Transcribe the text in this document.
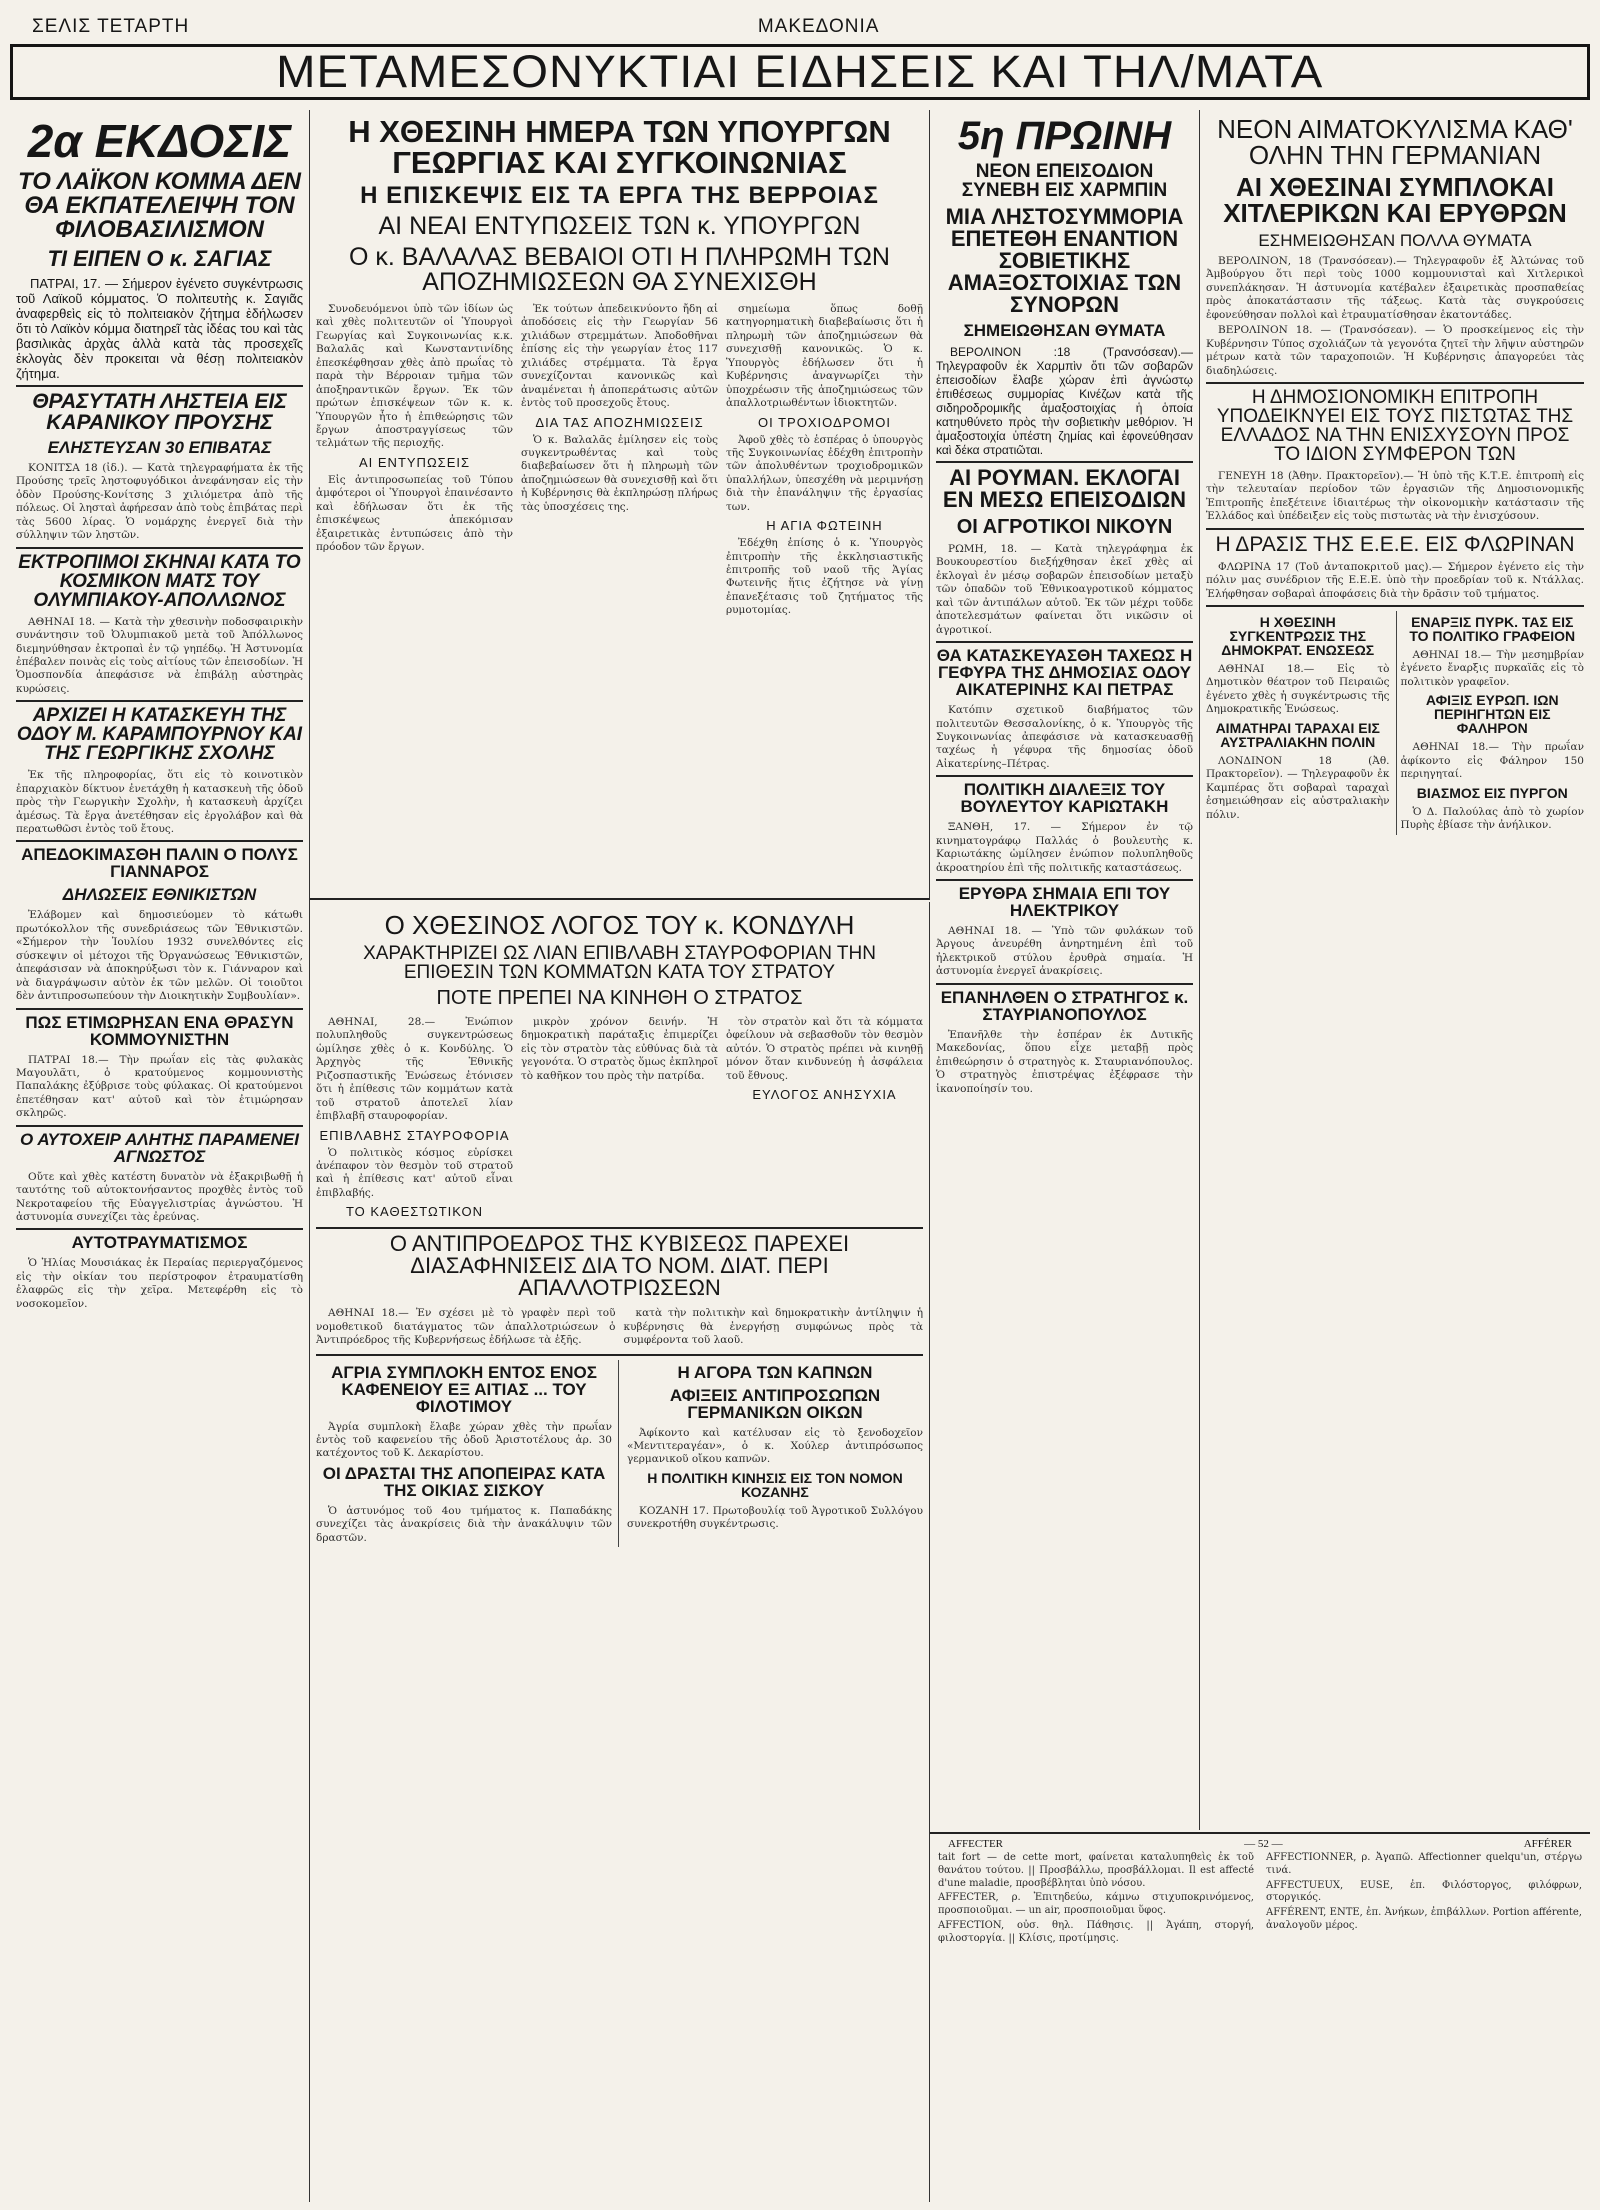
ΣΕΛΙΣ ΤΕΤΑΡΤΗ	ΜΑΚΕΔΟΝΙΑ
ΜΕΤΑΜΕΣΟΝΥΚΤΙΑΙ ΕΙΔΗΣΕΙΣ ΚΑΙ ΤΗΛ/ΜΑΤΑ
2α ΕΚΔΟΣΙΣ
ΤΟ ΛΑΪΚΟΝ ΚΟΜΜΑ ΔΕΝ ΘΑ ΕΚΠΑΤΕΛΕΙΨΗ ΤΟΝ ΦΙΛΟΒΑΣΙΛΙΣΜΟΝ
ΤΙ ΕΙΠΕΝ Ο κ. ΣΑΓΙΑΣ

ΠΑΤΡΑΙ, 17. — Σήμερον ἐγένετο συγκέντρωσις τοῦ Λαϊκοῦ κόμματος. Ὁ πολιτευτὴς κ. Σαγιᾶς ἀναφερθεὶς εἰς τὸ πολιτειακὸν ζήτημα ἐδήλωσεν ὅτι τὸ Λαϊκὸν κόμμα διατηρεῖ τὰς ἰδέας του καὶ τὰς βασιλικὰς ἀρχὰς ἀλλὰ κατὰ τὰς προσεχεῖς ἐκλογὰς δὲν προκειται νὰ θέσῃ πολιτειακὸν ζήτημα.

ΘΡΑΣΥΤΑΤΗ ΛΗΣΤΕΙΑ ΕΙΣ ΚΑΡΑΝΙΚΟΥ ΠΡΟΥΣΗΣ
ΕΛΗΣΤΕΥΣΑΝ 30 ΕΠΙΒΑΤΑΣ

ΚΟΝΙΤΣΑ 18 (ἰδ.). — Κατὰ τηλεγραφήματα ἐκ τῆς Προύσης τρεῖς ληστοφυγόδικοι ἀνεφάνησαν εἰς τὴν ὁδὸν Προύσης-Κονίτσης 3 χιλιόμετρα ἀπὸ τῆς πόλεως. Οἱ λησταὶ ἀφήρεσαν ἀπὸ τοὺς ἐπιβάτας περὶ τὰς 5600 λίρας. Ὁ νομάρχης ἐνεργεῖ διὰ τὴν σύλληψιν τῶν ληστῶν.

ΕΚΤΡΟΠΙΜΟΙ ΣΚΗΝΑΙ ΚΑΤΑ ΤΟ ΚΟΣΜΙΚΟΝ ΜΑΤΣ ΤΟΥ ΟΛΥΜΠΙΑΚΟΥ-ΑΠΟΛΛΩΝΟΣ

ΑΘΗΝΑΙ 18. — Κατὰ τὴν χθεσινὴν ποδοσφαιρικὴν συνάντησιν τοῦ Ὀλυμπιακοῦ μετὰ τοῦ Ἀπόλλωνος διεμηνύθησαν ἐκτροπαὶ ἐν τῷ γηπέδῳ. Ἡ Ἀστυνομία ἐπέβαλεν ποινὰς εἰς τοὺς αἰτίους τῶν ἐπεισοδίων. Ἡ Ὁμοσπονδία ἀπεφάσισε νὰ ἐπιβάλῃ αὐστηρὰς κυρώσεις.

ΑΡΧΙΖΕΙ Η ΚΑΤΑΣΚΕΥΗ ΤΗΣ ΟΔΟΥ Μ. ΚΑΡΑΜΠΟΥΡΝΟΥ ΚΑΙ ΤΗΣ ΓΕΩΡΓΙΚΗΣ ΣΧΟΛΗΣ

Ἐκ τῆς πληροφορίας, ὅτι εἰς τὸ κοινοτικὸν ἐπαρχιακὸν δίκτυον ἐνετάχθη ἡ κατασκευὴ τῆς ὁδοῦ πρὸς τὴν Γεωργικὴν Σχολὴν, ἡ κατασκευὴ ἀρχίζει ἀμέσως. Τὰ ἔργα ἀνετέθησαν εἰς ἐργολάβον καὶ θὰ περατωθῶσι ἐντὸς τοῦ ἔτους.

ΑΠΕΔΟΚΙΜΑΣΘΗ ΠΑΛΙΝ Ο ΠΟΛΥΣ ΓΙΑΝΝΑΡΟΣ
ΔΗΛΩΣΕΙΣ ΕΘΝΙΚΙΣΤΩΝ

Ἐλάβομεν καὶ δημοσιεύομεν τὸ κάτωθι πρωτόκολλον τῆς συνεδριάσεως τῶν Ἐθνικιστῶν. «Σήμερον τὴν Ἰουλίου 1932 συνελθόντες εἰς σύσκεψιν οἱ μέτοχοι τῆς Ὀργανώσεως Ἐθνικιστῶν, ἀπεφάσισαν νὰ ἀποκηρύξωσι τὸν κ. Γιάνναρον καὶ νὰ διαγράψωσιν αὐτὸν ἐκ τῶν μελῶν. Οἱ τοιοῦτοι δὲν ἀντιπροσωπεύουν τὴν Διοικητικὴν Συμβουλίαν».

ΠΩΣ ΕΤΙΜΩΡΗΣΑΝ ΕΝΑ ΘΡΑΣΥΝ ΚΟΜΜΟΥΝΙΣΤΗΝ

ΠΑΤΡΑΙ 18.— Τὴν πρωΐαν εἰς τὰς φυλακὰς Μαγουλᾶτι, ὁ κρατούμενος κομμουνιστὴς Παπαλάκης ἐξύβρισε τοὺς φύλακας. Οἱ κρατούμενοι ἐπετέθησαν κατ' αὐτοῦ καὶ τὸν ἐτιμώρησαν σκληρῶς.

Ο ΑΥΤΟΧΕΙΡ ΑΛΗΤΗΣ ΠΑΡΑΜΕΝΕΙ ΑΓΝΩΣΤΟΣ

Οὔτε καὶ χθὲς κατέστη δυνατὸν νὰ ἐξακριβωθῇ ἡ ταυτότης τοῦ αὐτοκτονήσαντος προχθὲς ἐντὸς τοῦ Νεκροταφείου τῆς Εὐαγγελιστρίας ἀγνώστου. Ἡ ἀστυνομία συνεχίζει τὰς ἐρεύνας.

ΑΥΤΟΤΡΑΥΜΑΤΙΣΜΟΣ

Ὁ Ἠλίας Μουσιάκας ἐκ Περαίας περιεργαζόμενος εἰς τὴν οἰκίαν του περίστροφον ἐτραυματίσθη ἐλαφρῶς εἰς τὴν χεῖρα. Μετεφέρθη εἰς τὸ νοσοκομεῖον.

Η ΧΘΕΣΙΝΗ ΗΜΕΡΑ ΤΩΝ ΥΠΟΥΡΓΩΝ ΓΕΩΡΓΙΑΣ ΚΑΙ ΣΥΓΚΟΙΝΩΝΙΑΣ
Η ΕΠΙΣΚΕΨΙΣ ΕΙΣ ΤΑ ΕΡΓΑ ΤΗΣ ΒΕΡΡΟΙΑΣ
ΑΙ ΝΕΑΙ ΕΝΤΥΠΩΣΕΙΣ ΤΩΝ κ. ΥΠΟΥΡΓΩΝ
Ο κ. ΒΑΛΑΛΑΣ ΒΕΒΑΙΟΙ ΟΤΙ Η ΠΛΗΡΩΜΗ ΤΩΝ ΑΠΟΖΗΜΙΩΣΕΩΝ ΘΑ ΣΥΝΕΧΙΣΘΗ

Συνοδευόμενοι ὑπὸ τῶν ἰδίων ὡς καὶ χθὲς πολιτευτῶν οἱ Ὑπουργοὶ Γεωργίας καὶ Συγκοινωνίας κ.κ. Βαλαλᾶς καὶ Κωνσταντινίδης ἐπεσκέφθησαν χθὲς ἀπὸ πρωΐας τὸ παρὰ τὴν Βέρροιαν τμῆμα τῶν ἀποξηραντικῶν ἔργων. Ἐκ τῶν πρώτων ἐπισκέψεων τῶν κ. κ. Ὑπουργῶν ἦτο ἡ ἐπιθεώρησις τῶν ἔργων ἀποστραγγίσεως τῶν τελμάτων τῆς περιοχῆς.

ΑΙ ΕΝΤΥΠΩΣΕΙΣ

Εἰς ἀντιπροσωπείας τοῦ Τύπου ἀμφότεροι οἱ Ὑπουργοὶ ἐπαινέσαντο καὶ ἐδήλωσαν ὅτι ἐκ τῆς ἐπισκέψεως ἀπεκόμισαν ἐξαιρετικὰς ἐντυπώσεις ἀπὸ τὴν πρόοδον τῶν ἔργων.

Ἐκ τούτων ἀπεδεικνύοντο ἤδη αἱ ἀποδόσεις εἰς τὴν Γεωργίαν 56 χιλιάδων στρεμμάτων. Ἀποδοθῆναι ἐπίσης εἰς τὴν γεωργίαν ἐτος 117 χιλιάδες στρέμματα. Τὰ ἔργα συνεχίζονται κανονικῶς καὶ ἀναμένεται ἡ ἀποπεράτωσις αὐτῶν ἐντὸς τοῦ προσεχοῦς ἔτους.

ΔΙΑ ΤΑΣ ΑΠΟΖΗΜΙΩΣΕΙΣ

Ὁ κ. Βαλαλᾶς ἐμίλησεν εἰς τοὺς συγκεντρωθέντας καὶ τοὺς διαβεβαίωσεν ὅτι ἡ πληρωμὴ τῶν ἀποζημιώσεων θὰ συνεχισθῇ καὶ ὅτι ἡ Κυβέρνησις θὰ ἐκπληρώσῃ πλήρως τὰς ὑποσχέσεις της.

σημείωμα ὅπως δοθῇ κατηγορηματικὴ διαβεβαίωσις ὅτι ἡ πληρωμὴ τῶν ἀποζημιώσεων θὰ συνεχισθῇ κανονικῶς. Ὁ κ. Ὑπουργὸς ἐδήλωσεν ὅτι ἡ Κυβέρνησις ἀναγνωρίζει τὴν ὑποχρέωσιν τῆς ἀποζημιώσεως τῶν ἀπαλλοτριωθέντων ἰδιοκτητῶν.

ΟΙ ΤΡΟΧΙΟΔΡΟΜΟΙ

Ἀφοῦ χθὲς τὸ ἑσπέρας ὁ ὑπουργὸς τῆς Συγκοινωνίας ἐδέχθη ἐπιτροπὴν τῶν ἀπολυθέντων τροχιοδρομικῶν ὑπαλλήλων, ὑπεσχέθη νὰ μεριμνήσῃ διὰ τὴν ἐπανάληψιν τῆς ἐργασίας των.

Η ΑΓΙΑ ΦΩΤΕΙΝΗ

Ἐδέχθη ἐπίσης ὁ κ. Ὑπουργὸς ἐπιτροπὴν τῆς ἐκκλησιαστικῆς ἐπιτροπῆς τοῦ ναοῦ τῆς Ἁγίας Φωτεινῆς ἥτις ἐζήτησε νὰ γίνῃ ἐπανεξέτασις τοῦ ζητήματος τῆς ρυμοτομίας.

5η ΠΡΩΙΝΗ
ΝΕΟΝ ΕΠΕΙΣΟΔΙΟΝ ΣΥΝΕΒΗ ΕΙΣ ΧΑΡΜΠΙΝ
ΜΙΑ ΛΗΣΤΟΣΥΜΜΟΡΙΑ ΕΠΕΤΕΘΗ ΕΝΑΝΤΙΟΝ ΣΟΒΙΕΤΙΚΗΣ ΑΜΑΞΟΣΤΟΙΧΙΑΣ ΤΩΝ ΣΥΝΟΡΩΝ
ΣΗΜΕΙΩΘΗΣΑΝ ΘΥΜΑΤΑ

ΒΕΡΟΛΙΝΟΝ :18 (Τρανσόσεαν).— Τηλεγραφοῦν ἐκ Χαρμπὶν ὅτι τῶν σοβαρῶν ἐπεισοδίων ἔλαβε χώραν ἐπὶ ἀγνώστῳ ἐπιθέσεως συμμορίας Κινέζων κατὰ τῆς σιδηροδρομικῆς ἀμαξοστοιχίας ἡ ὁποία κατηυθύνετο πρὸς τὴν σοβιετικὴν μεθόριον. Ἡ ἁμαξοστοιχία ὑπέστη ζημίας καὶ ἐφονεύθησαν καὶ δέκα στρατιῶται.

ΑΙ ΡΟΥΜΑΝ. ΕΚΛΟΓΑΙ ΕΝ ΜΕΣΩ ΕΠΕΙΣΟΔΙΩΝ
ΟΙ ΑΓΡΟΤΙΚΟΙ ΝΙΚΟΥΝ

ΡΩΜΗ, 18. — Κατὰ τηλεγράφημα ἐκ Βουκουρεστίου διεξήχθησαν ἐκεῖ χθὲς αἱ ἐκλογαὶ ἐν μέσῳ σοβαρῶν ἐπεισοδίων μεταξὺ τῶν ὀπαδῶν τοῦ Ἐθνικοαγροτικοῦ κόμματος καὶ τῶν ἀντιπάλων αὐτοῦ. Ἐκ τῶν μέχρι τοῦδε ἀποτελεσμάτων φαίνεται ὅτι νικῶσιν οἱ ἀγροτικοί.

ΘΑ ΚΑΤΑΣΚΕΥΑΣΘΗ ΤΑΧΕΩΣ Η ΓΕΦΥΡΑ ΤΗΣ ΔΗΜΟΣΙΑΣ ΟΔΟΥ ΑΙΚΑΤΕΡΙΝΗΣ ΚΑΙ ΠΕΤΡΑΣ

Κατόπιν σχετικοῦ διαβήματος τῶν πολιτευτῶν Θεσσαλονίκης, ὁ κ. Ὑπουργὸς τῆς Συγκοινωνίας ἀπεφάσισε νὰ κατασκευασθῇ ταχέως ἡ γέφυρα τῆς δημοσίας ὁδοῦ Αἰκατερίνης–Πέτρας.

ΠΟΛΙΤΙΚΗ ΔΙΑΛΕΞΙΣ ΤΟΥ ΒΟΥΛΕΥΤΟΥ ΚΑΡΙΩΤΑΚΗ

ΞΑΝΘΗ, 17. — Σήμερον ἐν τῷ κινηματογράφῳ Παλλάς ὁ βουλευτὴς κ. Καριωτάκης ὡμίλησεν ἐνώπιον πολυπληθοῦς ἀκροατηρίου ἐπὶ τῆς πολιτικῆς καταστάσεως.

ΕΡΥΘΡΑ ΣΗΜΑΙΑ ΕΠΙ ΤΟΥ ΗΛΕΚΤΡΙΚΟΥ

ΑΘΗΝΑΙ 18. — Ὑπὸ τῶν φυλάκων τοῦ Ἀργους ἀνευρέθη ἀνηρτημένη ἐπὶ τοῦ ἠλεκτρικοῦ στύλου ἐρυθρὰ σημαία. Ἡ ἀστυνομία ἐνεργεῖ ἀνακρίσεις.

ΕΠΑΝΗΛΘΕΝ Ο ΣΤΡΑΤΗΓΟΣ κ. ΣΤΑΥΡΙΑΝΟΠΟΥΛΟΣ

Ἐπανῆλθε τὴν ἑσπέραν ἐκ Δυτικῆς Μακεδονίας, ὅπου εἶχε μεταβῇ πρὸς ἐπιθεώρησιν ὁ στρατηγὸς κ. Σταυριανόπουλος. Ὁ στρατηγὸς ἐπιστρέψας ἐξέφρασε τὴν ἱκανοποίησίν του.

ΝΕΟΝ ΑΙΜΑΤΟΚΥΛΙΣΜΑ ΚΑΘ' ΟΛΗΝ ΤΗΝ ΓΕΡΜΑΝΙΑΝ
ΑΙ ΧΘΕΣΙΝΑΙ ΣΥΜΠΛΟΚΑΙ ΧΙΤΛΕΡΙΚΩΝ ΚΑΙ ΕΡΥΘΡΩΝ
ΕΣΗΜΕΙΩΘΗΣΑΝ ΠΟΛΛΑ ΘΥΜΑΤΑ

ΒΕΡΟΛΙΝΟΝ, 18 (Τρανσόσεαν).— Τηλεγραφοῦν ἐξ Ἀλτώνας τοῦ Ἀμβούργου ὅτι περὶ τοὺς 1000 κομμουνισταὶ καὶ Χιτλερικοὶ συνεπλάκησαν. Ἡ ἀστυνομία κατέβαλεν ἐξαιρετικὰς προσπαθείας πρὸς ἀποκατάστασιν τῆς τάξεως. Κατὰ τὰς συγκρούσεις ἐφονεύθησαν πολλοὶ καὶ ἐτραυματίσθησαν ἑκατοντάδες.

ΒΕΡΟΛΙΝΟΝ 18. — (Τρανσόσεαν). — Ὁ προσκείμενος εἰς τὴν Κυβέρνησιν Τύπος σχολιάζων τὰ γεγονότα ζητεῖ τὴν λῆψιν αὐστηρῶν μέτρων κατὰ τῶν ταραχοποιῶν. Ἡ Κυβέρνησις ἀπαγορεύει τὰς διαδηλώσεις.

Η ΔΗΜΟΣΙΟΝΟΜΙΚΗ ΕΠΙΤΡΟΠΗ ΥΠΟΔΕΙΚΝΥΕΙ ΕΙΣ ΤΟΥΣ ΠΙΣΤΩΤΑΣ ΤΗΣ ΕΛΛΑΔΟΣ ΝΑ ΤΗΝ ΕΝΙΣΧΥΣΟΥΝ ΠΡΟΣ ΤΟ ΙΔΙΟΝ ΣΥΜΦΕΡΟΝ ΤΩΝ

ΓΕΝΕΥΗ 18 (Ἀθην. Πρακτορεῖον).— Ἡ ὑπὸ τῆς Κ.Τ.Ε. ἐπιτροπὴ εἰς τὴν τελευταίαν περίοδον τῶν ἐργασιῶν τῆς Δημοσιονομικῆς Ἐπιτροπῆς ἐπεξέτεινε ἰδιαιτέρως τὴν οἰκονομικὴν κατάστασιν τῆς Ἑλλάδος καὶ ὑπέδειξεν εἰς τοὺς πιστωτὰς νὰ τὴν ἐνισχύσουν.

Η ΔΡΑΣΙΣ ΤΗΣ Ε.Ε.Ε. ΕΙΣ ΦΛΩΡΙΝΑΝ

ΦΛΩΡΙΝΑ 17 (Τοῦ ἀνταποκριτοῦ μας).— Σήμερον ἐγένετο εἰς τὴν πόλιν μας συνέδριον τῆς Ε.Ε.Ε. ὑπὸ τὴν προεδρίαν τοῦ κ. Ντάλλας. Ἐλήφθησαν σοβαραὶ ἀποφάσεις διὰ τὴν δρᾶσιν τοῦ τμήματος.

Η ΧΘΕΣΙΝΗ ΣΥΓΚΕΝΤΡΩΣΙΣ ΤΗΣ ΔΗΜΟΚΡΑΤ. ΕΝΩΣΕΩΣ

ΑΘΗΝΑΙ 18.— Εἰς τὸ Δημοτικὸν θέατρον τοῦ Πειραιῶς ἐγένετο χθὲς ἡ συγκέντρωσις τῆς Δημοκρατικῆς Ἑνώσεως.

ΑΙΜΑΤΗΡΑΙ ΤΑΡΑΧΑΙ ΕΙΣ ΑΥΣΤΡΑΛΙΑΚΗΝ ΠΟΛΙΝ

ΛΟΝΔΙΝΟΝ 18 (Ἀθ. Πρακτορεῖον). — Τηλεγραφοῦν ἐκ Καμπέρας ὅτι σοβαραὶ ταραχαὶ ἐσημειώθησαν εἰς αὐστραλιακὴν πόλιν.

ΕΝΑΡΞΙΣ ΠΥΡΚ. ΤΑΣ ΕΙΣ ΤΟ ΠΟΛΙΤΙΚΟ ΓΡΑΦΕΙΟΝ

ΑΘΗΝΑΙ 18.— Τὴν μεσημβρίαν ἐγένετο ἔναρξις πυρκαϊᾶς εἰς τὸ πολιτικὸν γραφεῖον.

ΑΦΙΞΙΣ ΕΥΡΩΠ. ΙΩΝ ΠΕΡΙΗΓΗΤΩΝ ΕΙΣ ΦΑΛΗΡΟΝ

ΑΘΗΝΑΙ 18.— Τὴν πρωΐαν ἀφίκοντο εἰς Φάληρον 150 περιηγηταί.

ΒΙΑΣΜΟΣ ΕΙΣ ΠΥΡΓΟΝ

Ὁ Δ. Παλούλας ἀπὸ τὸ χωρίον Πυρὴς ἐβίασε τὴν ἀνήλικον.

Ο ΧΘΕΣΙΝΟΣ ΛΟΓΟΣ ΤΟΥ κ. ΚΟΝΔΥΛΗ
ΧΑΡΑΚΤΗΡΙΖΕΙ ΩΣ ΛΙΑΝ ΕΠΙΒΛΑΒΗ ΣΤΑΥΡΟΦΟΡΙΑΝ ΤΗΝ ΕΠΙΘΕΣΙΝ ΤΩΝ ΚΟΜΜΑΤΩΝ ΚΑΤΑ ΤΟΥ ΣΤΡΑΤΟΥ
ΠΟΤΕ ΠΡΕΠΕΙ ΝΑ ΚΙΝΗΘΗ Ο ΣΤΡΑΤΟΣ

ΑΘΗΝΑΙ, 28.— Ἐνώπιον πολυπληθοῦς συγκεντρώσεως ὡμίλησε χθὲς ὁ κ. Κονδύλης. Ὁ Ἀρχηγὸς τῆς Ἐθνικῆς Ριζοσπαστικῆς Ἑνώσεως ἐτόνισεν ὅτι ἡ ἐπίθεσις τῶν κομμάτων κατὰ τοῦ στρατοῦ ἀποτελεῖ λίαν ἐπιβλαβῆ σταυροφορίαν.

ΕΠΙΒΛΑΒΗΣ ΣΤΑΥΡΟΦΟΡΙΑ

Ὁ πολιτικὸς κόσμος εὑρίσκει ἀνέπαφον τὸν θεσμὸν τοῦ στρατοῦ καὶ ἡ ἐπίθεσις κατ' αὐτοῦ εἶναι ἐπιβλαβής.

ΤΟ ΚΑΘΕΣΤΩΤΙΚΟΝ

μικρὸν χρόνον δεινήν. Ἡ δημοκρατικὴ παράταξις ἐπιμερίζει εἰς τὸν στρατὸν τὰς εὐθύνας διὰ τὰ γεγονότα. Ὁ στρατὸς ὅμως ἐκπληροῖ τὸ καθῆκον του πρὸς τὴν πατρίδα.

τὸν στρατὸν καὶ ὅτι τὰ κόμματα ὀφείλουν νὰ σεβασθοῦν τὸν θεσμὸν αὐτόν. Ὁ στρατὸς πρέπει νὰ κινηθῇ μόνον ὅταν κινδυνεύῃ ἡ ἀσφάλεια τοῦ ἔθνους.

ΕΥΛΟΓΟΣ ΑΝΗΣΥΧΙΑ
Ο ΑΝΤΙΠΡΟΕΔΡΟΣ ΤΗΣ ΚΥΒΙΣΕΩΣ ΠΑΡΕΧΕΙ ΔΙΑΣΑΦΗΝΙΣΕΙΣ ΔΙΑ ΤΟ ΝΟΜ. ΔΙΑΤ. ΠΕΡΙ ΑΠΑΛΛΟΤΡΙΩΣΕΩΝ

ΑΘΗΝΑΙ 18.— Ἐν σχέσει μὲ τὸ γραφὲν περὶ τοῦ νομοθετικοῦ διατάγματος τῶν ἀπαλλοτριώσεων ὁ Ἀντιπρόεδρος τῆς Κυβερνήσεως ἐδήλωσε τὰ ἑξῆς.

κατὰ τὴν πολιτικὴν καὶ δημοκρατικὴν ἀντίληψιν ἡ κυβέρνησις θὰ ἐνεργήσῃ συμφώνως πρὸς τὰ συμφέροντα τοῦ λαοῦ.

ΑΓΡΙΑ ΣΥΜΠΛΟΚΗ ΕΝΤΟΣ ΕΝΟΣ ΚΑΦΕΝΕΙΟΥ ΕΞ ΑΙΤΙΑΣ ... ΤΟΥ ΦΙΛΟΤΙΜΟΥ

Ἀγρία συμπλοκὴ ἔλαβε χώραν χθὲς τὴν πρωΐαν ἐντὸς τοῦ καφενείου τῆς ὁδοῦ Ἀριστοτέλους ἀρ. 30 κατέχοντος τοῦ Κ. Δεκαρίστου.

ΟΙ ΔΡΑΣΤΑΙ ΤΗΣ ΑΠΟΠΕΙΡΑΣ ΚΑΤΑ ΤΗΣ ΟΙΚΙΑΣ ΣΙΣΚΟΥ

Ὁ ἀστυνόμος τοῦ 4ου τμήματος κ. Παπαδάκης συνεχίζει τὰς ἀνακρίσεις διὰ τὴν ἀνακάλυψιν τῶν δραστῶν.

Η ΑΓΟΡΑ ΤΩΝ ΚΑΠΝΩΝ
ΑΦΙΞΕΙΣ ΑΝΤΙΠΡΟΣΩΠΩΝ ΓΕΡΜΑΝΙΚΩΝ ΟΙΚΩΝ

Ἀφίκοντο καὶ κατέλυσαν εἰς τὸ ξενοδοχεῖον «Μεντιτεραγέαν», ὁ κ. Χούλερ ἀντιπρόσωπος γερμανικοῦ οἴκου καπνῶν.

Η ΠΟΛΙΤΙΚΗ ΚΙΝΗΣΙΣ ΕΙΣ ΤΟΝ ΝΟΜΟΝ ΚΟΖΑΝΗΣ

ΚΟΖΑΝΗ 17. Πρωτοβουλίᾳ τοῦ Ἀγροτικοῦ Συλλόγου συνεκροτήθη συγκέντρωσις.

AFFECTER	— 52 —	AFFÉRER

tait fort — de cette mort, φαίνεται καταλυπηθεὶς ἐκ τοῦ θανάτου τούτου. || Προσβάλλω, προσβάλλομαι. Il est affecté d'une maladie, προσβέβληται ὑπὸ νόσου.

AFFECTER, ρ. Ἐπιτηδεύω, κάμνω στιχυποκρινόμενος, προσποιοῦμαι. — un air, προσποιοῦμαι ὕφος.

AFFECTION, οὐσ. θηλ. Πάθησις. || Ἀγάπη, στοργή, φιλοστοργία. || Κλίσις, προτίμησις.

AFFECTIONNER, ρ. Ἀγαπῶ. Affectionner quelqu'un, στέργω τινά.

AFFECTUEUX, EUSE, ἐπ. Φιλόστοργος, φιλόφρων, στοργικός.

AFFÉRENT, ENTE, ἐπ. Ἀνήκων, ἐπιβάλλων. Portion afférente, ἀναλογοῦν μέρος.
